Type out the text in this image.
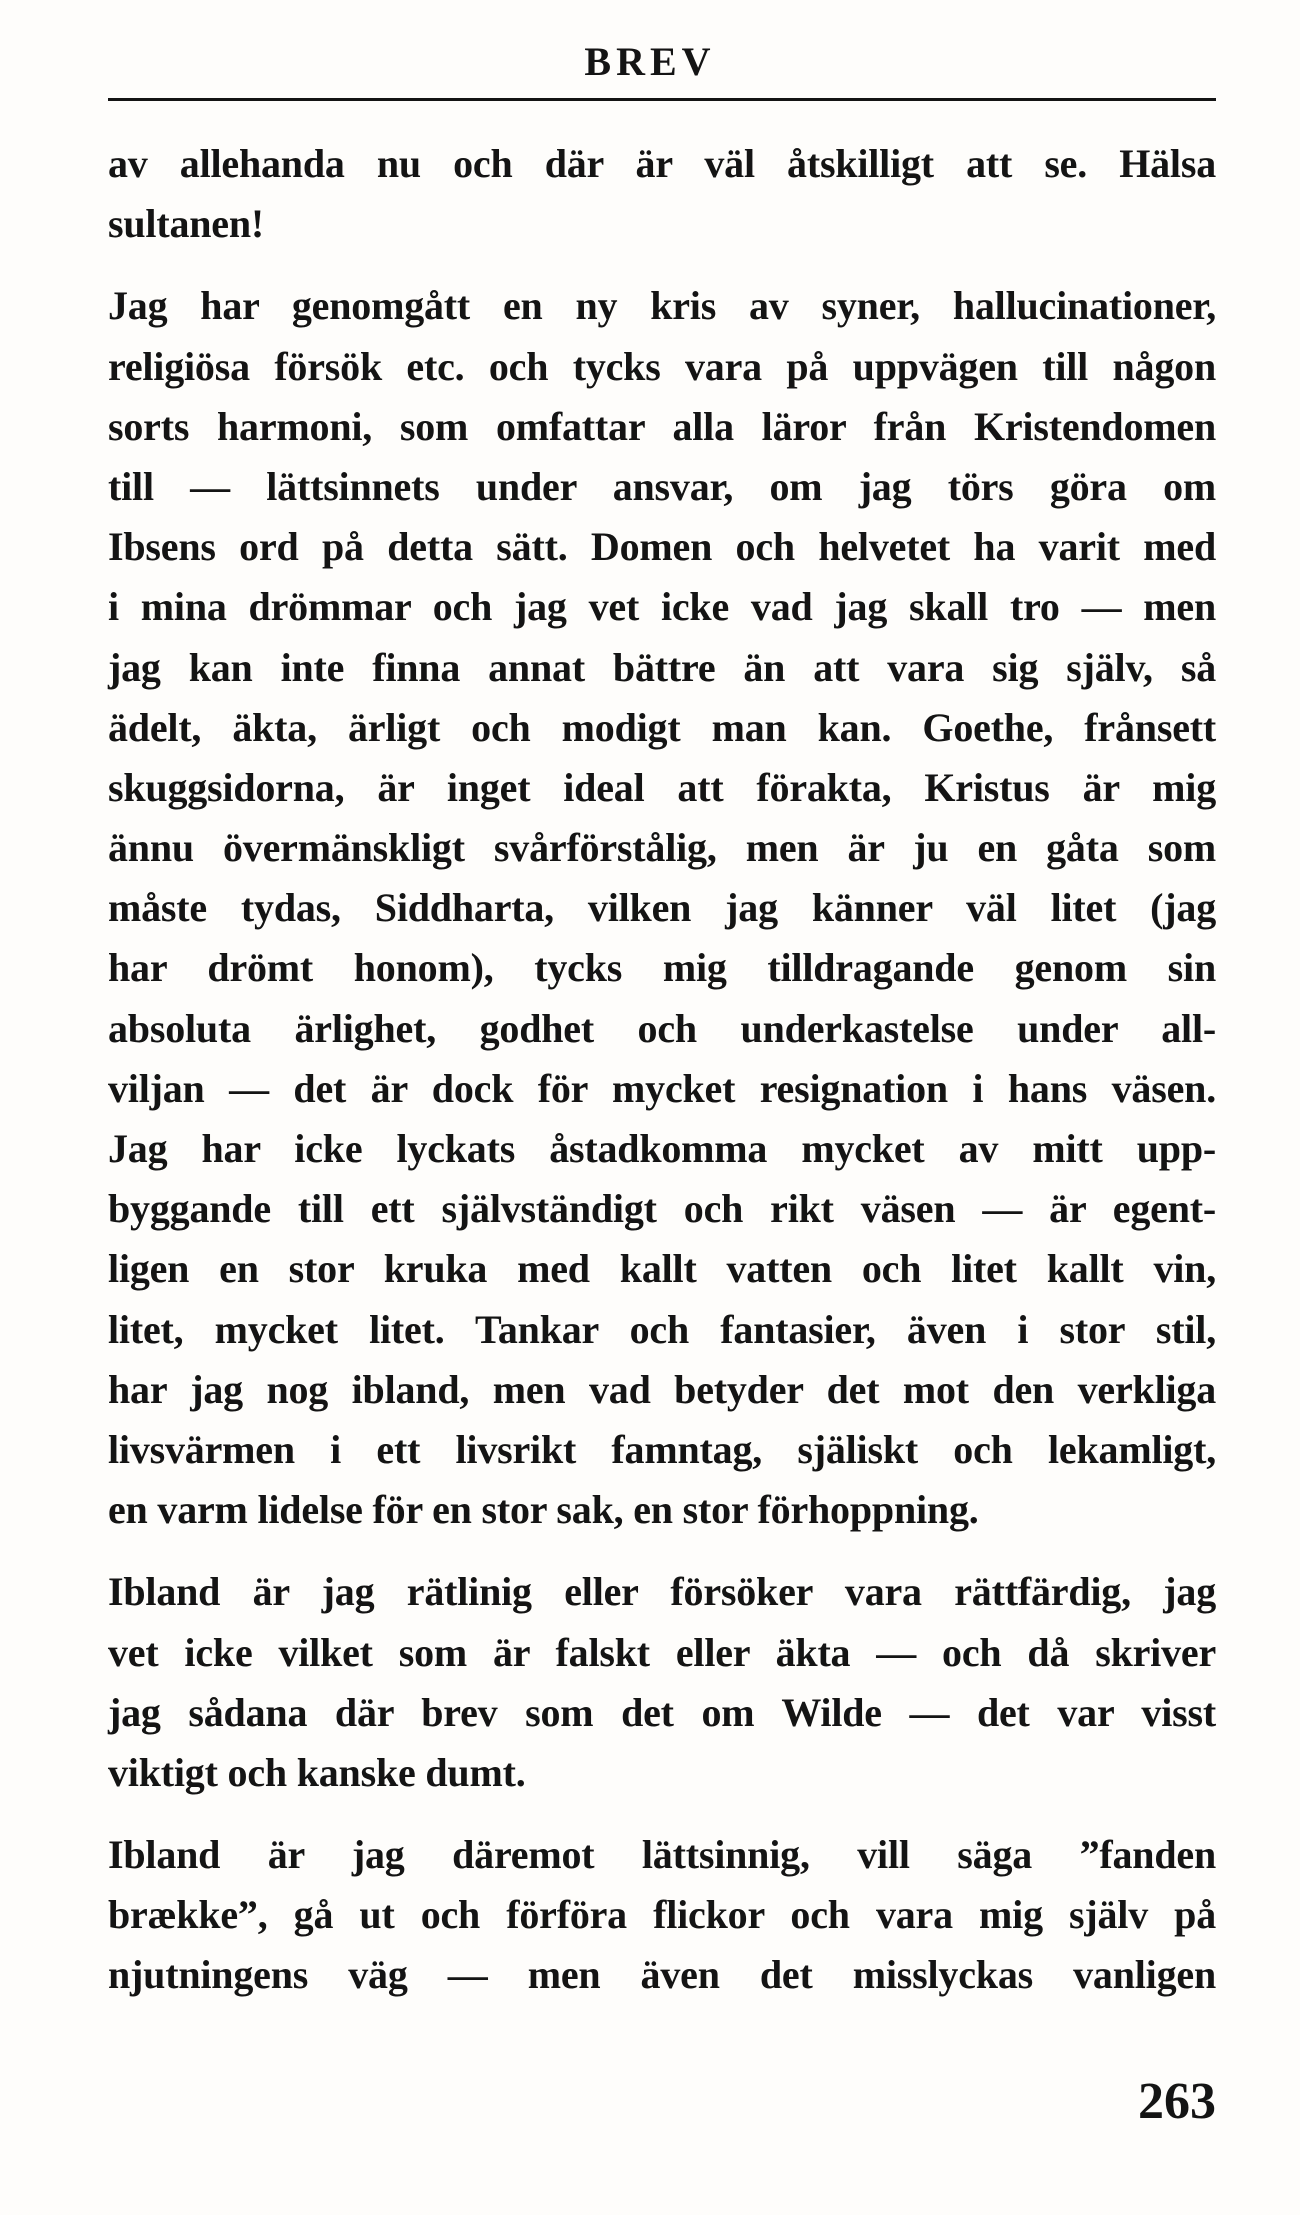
BREV
av allehanda nu och där är väl åtskilligt att se. Hälsa
sultanen!
Jag har genomgått en ny kris av syner, hallucinationer,
religiösa försök etc. och tycks vara på uppvägen till någon
sorts harmoni, som omfattar alla läror från Kristendomen
till — lättsinnets under ansvar, om jag törs göra om
Ibsens ord på detta sätt. Domen och helvetet ha varit med
i mina drömmar och jag vet icke vad jag skall tro — men
jag kan inte finna annat bättre än att vara sig själv, så
ädelt, äkta, ärligt och modigt man kan. Goethe, frånsett
skuggsidorna, är inget ideal att förakta, Kristus är mig
ännu övermänskligt svårförstålig, men är ju en gåta som
måste tydas, Siddharta, vilken jag känner väl litet (jag
har drömt honom), tycks mig tilldragande genom sin
absoluta ärlighet, godhet och underkastelse under all-
viljan — det är dock för mycket resignation i hans väsen.
Jag har icke lyckats åstadkomma mycket av mitt upp-
byggande till ett självständigt och rikt väsen — är egent-
ligen en stor kruka med kallt vatten och litet kallt vin,
litet, mycket litet. Tankar och fantasier, även i stor stil,
har jag nog ibland, men vad betyder det mot den verkliga
livsvärmen i ett livsrikt famntag, själiskt och lekamligt,
en varm lidelse för en stor sak, en stor förhoppning.
Ibland är jag rätlinig eller försöker vara rättfärdig, jag
vet icke vilket som är falskt eller äkta — och då skriver
jag sådana där brev som det om Wilde — det var visst
viktigt och kanske dumt.
Ibland är jag däremot lättsinnig, vill säga ”fanden
brække”, gå ut och förföra flickor och vara mig själv på
njutningens väg — men även det misslyckas vanligen
263
